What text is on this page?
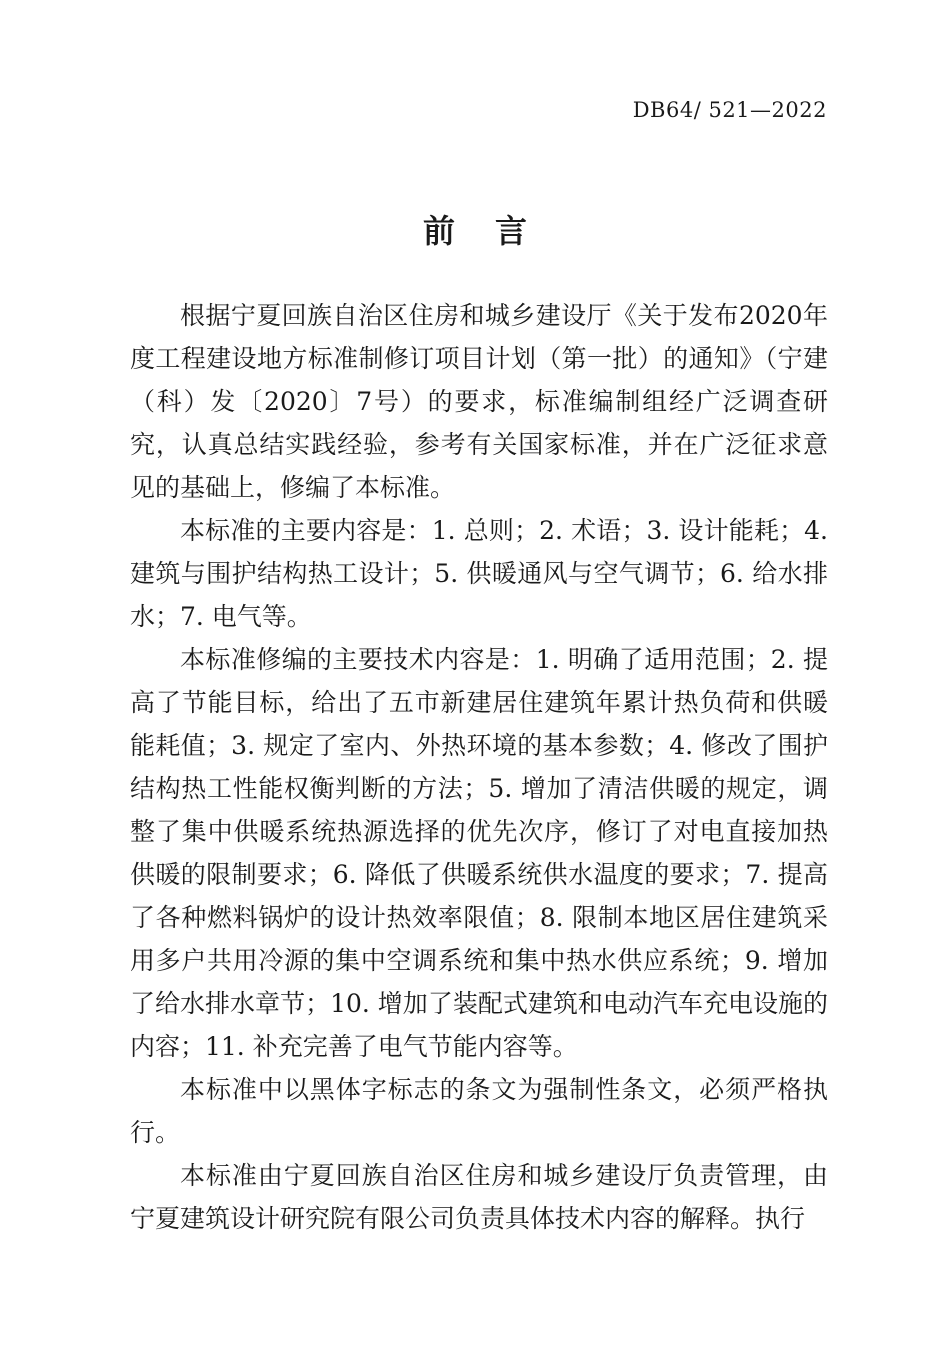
DB64/ 521—2022
前言

根据宁夏回族自治区住房和城乡建设厅《关于发布2020年度工程建设地方标准制修订项目计划（第一批）的通知》（宁建（科）发〔2020〕7号）的要求，标准编制组经广泛调查研究，认真总结实践经验，参考有关国家标准，并在广泛征求意见的基础上，修编了本标准。

本标准的主要内容是：1. 总则；2. 术语；3. 设计能耗；4. 建筑与围护结构热工设计；5. 供暖通风与空气调节；6. 给水排水；7. 电气等。

本标准修编的主要技术内容是：1. 明确了适用范围；2. 提高了节能目标，给出了五市新建居住建筑年累计热负荷和供暖能耗值；3. 规定了室内、外热环境的基本参数；4. 修改了围护结构热工性能权衡判断的方法；5. 增加了清洁供暖的规定，调整了集中供暖系统热源选择的优先次序，修订了对电直接加热供暖的限制要求；6. 降低了供暖系统供水温度的要求；7. 提高了各种燃料锅炉的设计热效率限值；8. 限制本地区居住建筑采用多户共用冷源的集中空调系统和集中热水供应系统；9. 增加了给水排水章节；10. 增加了装配式建筑和电动汽车充电设施的内容；11. 补充完善了电气节能内容等。

本标准中以黑体字标志的条文为强制性条文，必须严格执行。

本标准由宁夏回族自治区住房和城乡建设厅负责管理，由宁夏建筑设计研究院有限公司负责具体技术内容的解释。执行
